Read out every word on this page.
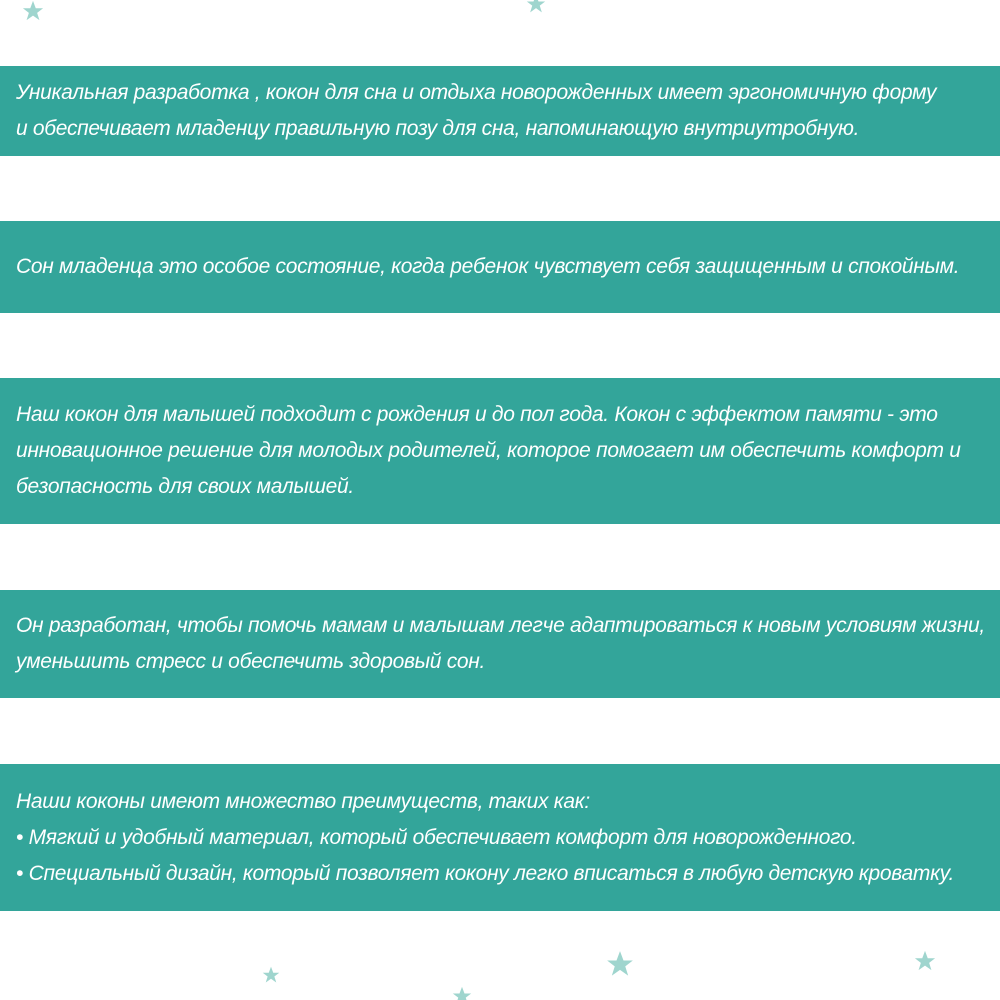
Уникальная разработка , кокон для сна и отдыха новорожденных имеет эргономичную форму
и обеспечивает младенцу правильную позу для сна, напоминающую внутриутробную.
Сон младенца это особое состояние, когда ребенок чувствует себя защищенным и спокойным.
Наш кокон для малышей подходит с рождения и до пол года. Кокон с эффектом памяти - это
инновационное решение для молодых родителей, которое помогает им обеспечить комфорт и
безопасность для своих малышей.
Он разработан, чтобы помочь мамам и малышам легче адаптироваться к новым условиям жизни,
уменьшить стресс и обеспечить здоровый сон.
Наши коконы имеют множество преимуществ, таких как:
• Мягкий и удобный материал, который обеспечивает комфорт для новорожденного.
• Специальный дизайн, который позволяет кокону легко вписаться в любую детскую кроватку.
